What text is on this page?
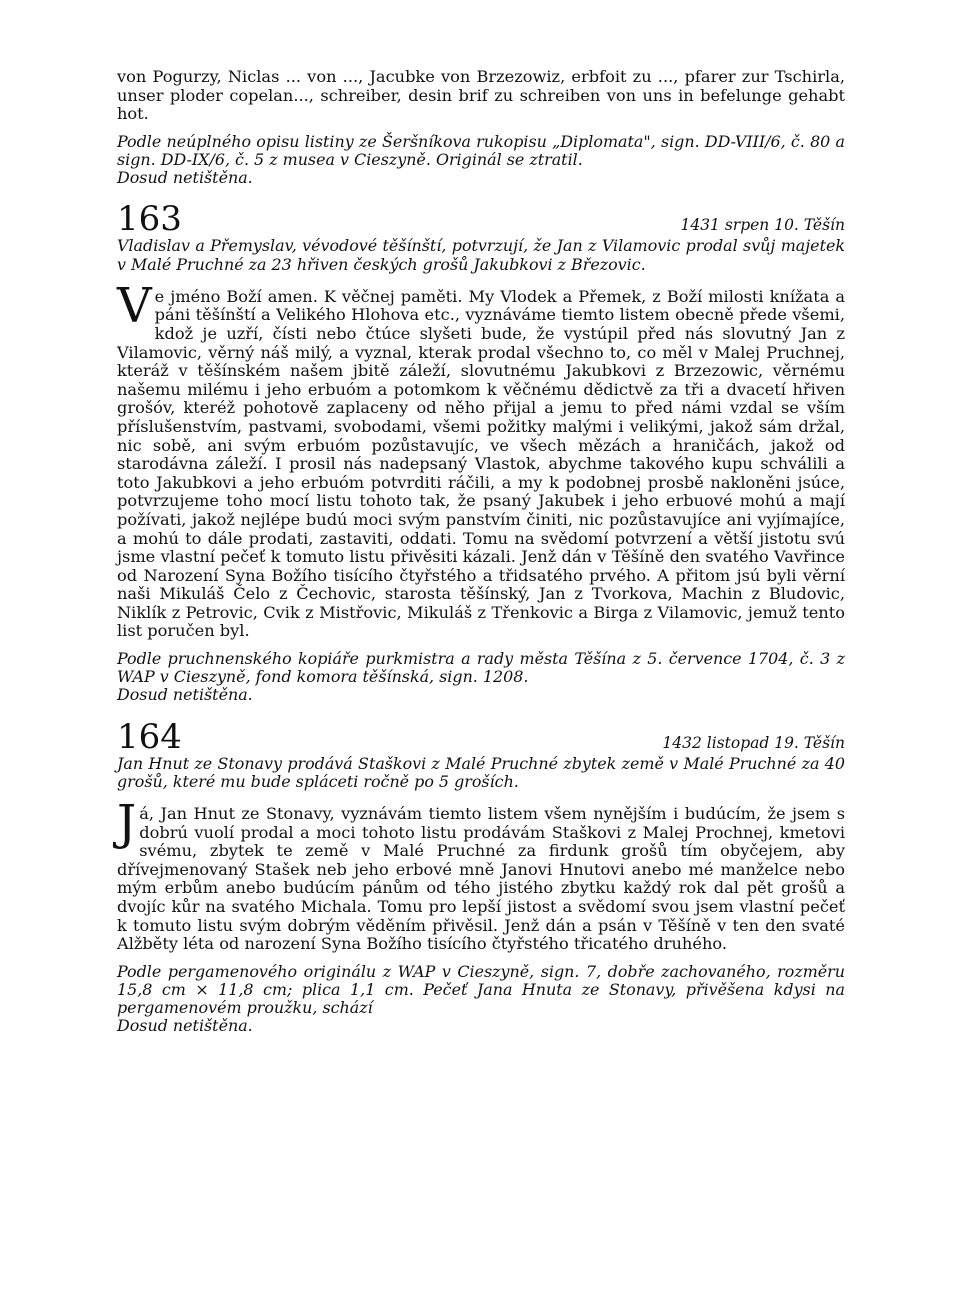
von Pogurzy, Niclas ... von ..., Jacubke von Brzezowiz, erbfoit zu ..., pfarer zur Tschirla, unser ploder copelan..., schreiber, desin brif zu schreiben von uns in befelunge gehabt hot.

Podle neúplného opisu listiny ze Šeršníkova rukopisu „Diplomata", sign. DD-VIII/6, č. 80 a sign. DD-IX/6, č. 5 z musea v Cieszyně. Originál se ztratil.

Dosud netištěna.

163	1431 srpen 10. Těšín

Vladislav a Přemyslav, vévodové těšínští, potvrzují, že Jan z Vilamovic prodal svůj majetek v Malé Pruchné za 23 hřiven českých grošů Jakubkovi z Březovic.

V e jméno Boží amen. K věčnej paměti. My Vlodek a Přemek, z Boží milosti knížata a páni těšínští a Velikého Hlohova etc., vyznáváme tiemto listem obecně přede všemi, kdož je uzří, čísti nebo čtúce slyšeti bude, že vystúpil před nás slovutný Jan z Vilamovic, věrný náš milý, a vyznal, kterak prodal všechno to, co měl v Malej Pruchnej, kteráž v těšínském našem jbitě záleží, slovutnému Jakubkovi z Brzezowic, věrnému našemu milému i jeho erbuóm a potomkom k věčnému dědictvě za tři a dvacetí hřiven grošóv, kteréž pohotově zaplaceny od něho přijal a jemu to před námi vzdal se vším příslušenstvím, pastvami, svobodami, všemi požitky malými i velikými, jakož sám držal, nic sobě, ani svým erbuóm pozůstavujíc, ve všech mězách a hraničách, jakož od starodávna záleží. I prosil nás nadepsaný Vlastok, abychme takového kupu schválili a toto Jakubkovi a jeho erbuóm potvrditi ráčili, a my k podobnej prosbě nakloněni jsúce, potvrzujeme toho mocí listu tohoto tak, že psaný Jakubek i jeho erbuové mohú a mají požívati, jakož nejlépe budú moci svým panstvím činiti, nic pozůstavujíce ani vyjímajíce, a mohú to dále prodati, zastaviti, oddati. Tomu na svědomí potvrzení a větší jistotu svú jsme vlastní pečeť k tomuto listu přivěsiti kázali. Jenž dán v Těšíně den svatého Vavřince od Narození Syna Božího tisícího čtyřstého a třidsatého prvého. A přitom jsú byli věrní naši Mikuláš Čelo z Čechovic, starosta těšínský, Jan z Tvorkova, Machin z Bludovic, Niklík z Petrovic, Cvik z Mistřovic, Mikuláš z Třenkovic a Birga z Vilamovic, jemuž tento list poručen byl.

Podle pruchnenského kopiáře purkmistra a rady města Těšína z 5. července 1704, č. 3 z WAP v Cieszyně, fond komora těšínská, sign. 1208.

Dosud netištěna.

164	1432 listopad 19. Těšín

Jan Hnut ze Stonavy prodává Staškovi z Malé Pruchné zbytek země v Malé Pruchné za 40 grošů, které mu bude spláceti ročně po 5 groších.

J á, Jan Hnut ze Stonavy, vyznávám tiemto listem všem nynějším i budúcím, že jsem s dobrú vuolí prodal a moci tohoto listu prodávám Staškovi z Malej Prochnej, kmetovi svému, zbytek te země v Malé Pruchné za firdunk grošů tím obyčejem, aby dřívejmenovaný Stašek neb jeho erbové mně Janovi Hnutovi anebo mé manželce nebo mým erbům anebo budúcím pánům od tého jistého zbytku každý rok dal pět grošů a dvojíc kůr na svatého Michala. Tomu pro lepší jistost a svědomí svou jsem vlastní pečeť k tomuto listu svým dobrým věděním přivěsil. Jenž dán a psán v Těšíně v ten den svaté Alžběty léta od narození Syna Božího tisícího čtyřstého třicatého druhého.

Podle pergamenového originálu z WAP v Cieszyně, sign. 7, dobře zachovaného, rozměru 15,8 cm × 11,8 cm; plica 1,1 cm. Pečeť Jana Hnuta ze Stonavy, přivěšena kdysi na pergamenovém proužku, schází

Dosud netištěna.
